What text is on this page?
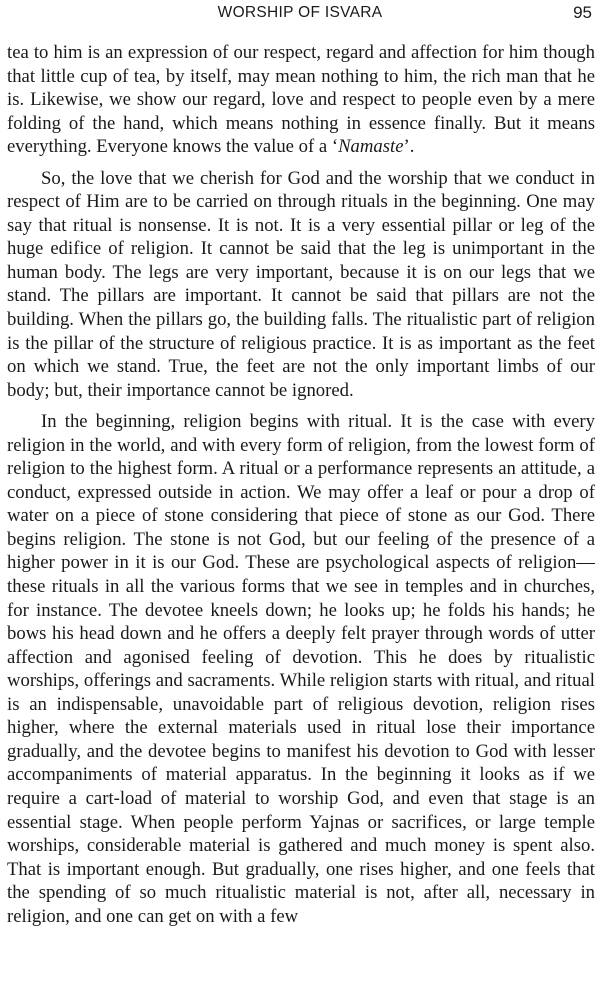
WORSHIP OF ISVARA	95

tea to him is an expression of our respect, regard and affection for him though that little cup of tea, by itself, may mean nothing to him, the rich man that he is. Likewise, we show our regard, love and respect to people even by a mere folding of the hand, which means nothing in essence finally. But it means everything. Everyone knows the value of a ‘Namaste’.

So, the love that we cherish for God and the worship that we conduct in respect of Him are to be carried on through rituals in the beginning. One may say that ritual is nonsense. It is not. It is a very essential pillar or leg of the huge edifice of religion. It cannot be said that the leg is unimportant in the human body. The legs are very important, because it is on our legs that we stand. The pillars are important. It cannot be said that pillars are not the building. When the pillars go, the building falls. The ritualistic part of religion is the pillar of the structure of religious practice. It is as important as the feet on which we stand. True, the feet are not the only important limbs of our body; but, their importance cannot be ignored.

In the beginning, religion begins with ritual. It is the case with every religion in the world, and with every form of religion, from the lowest form of religion to the highest form. A ritual or a performance represents an attitude, a conduct, expressed outside in action. We may offer a leaf or pour a drop of water on a piece of stone considering that piece of stone as our God. There begins religion. The stone is not God, but our feeling of the presence of a higher power in it is our God. These are psychological aspects of religion—these rituals in all the various forms that we see in temples and in churches, for instance. The devotee kneels down; he looks up; he folds his hands; he bows his head down and he offers a deeply felt prayer through words of utter affection and agonised feeling of devotion. This he does by ritualistic worships, offerings and sacraments. While religion starts with ritual, and ritual is an indispensable, unavoidable part of religious devotion, religion rises higher, where the external materials used in ritual lose their importance gradually, and the devotee begins to manifest his devotion to God with lesser accompaniments of material apparatus. In the beginning it looks as if we require a cart-load of material to worship God, and even that stage is an essential stage. When people perform Yajnas or sacrifices, or large temple worships, considerable material is gathered and much money is spent also. That is important enough. But gradually, one rises higher, and one feels that the spending of so much ritualistic material is not, after all, necessary in religion, and one can get on with a few
